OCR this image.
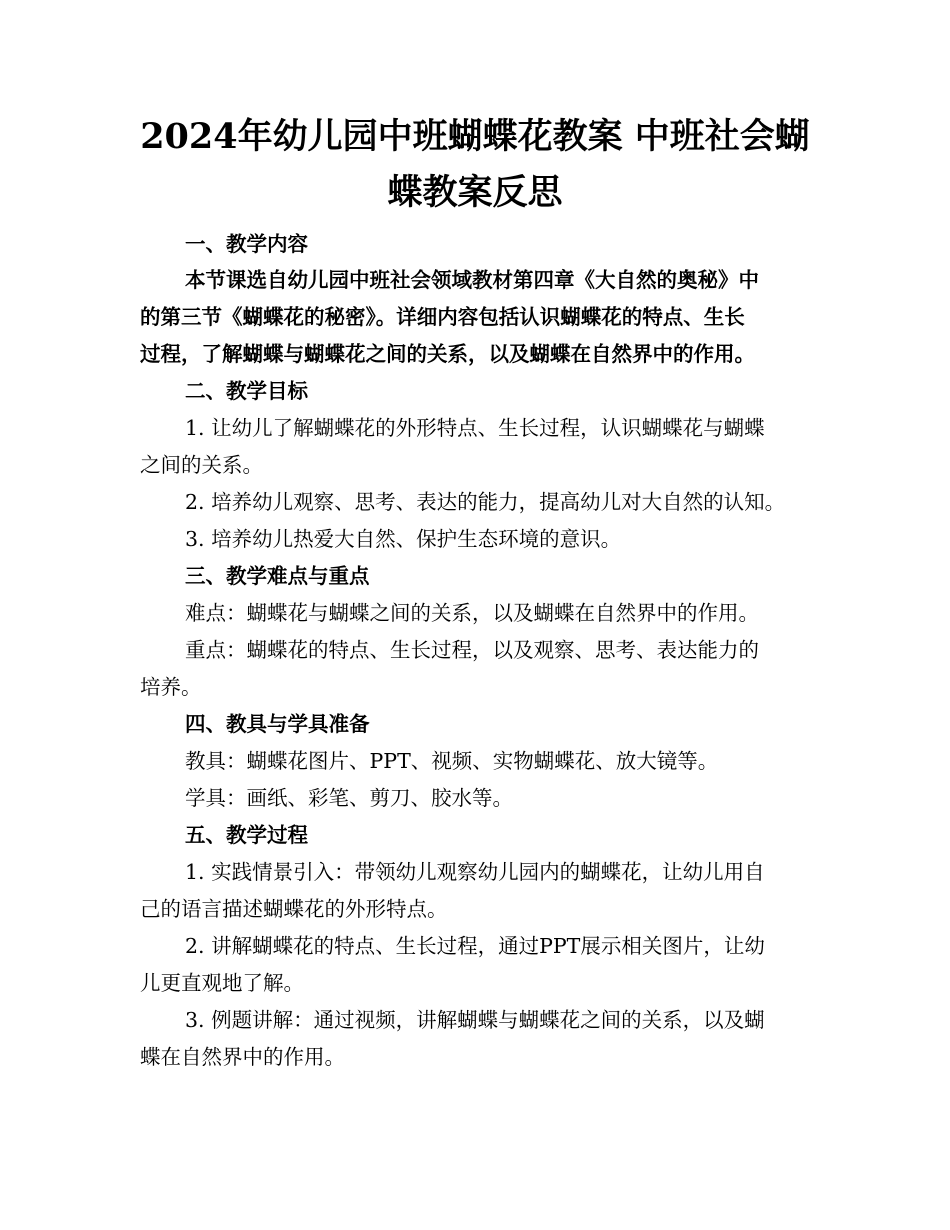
2024年幼儿园中班蝴蝶花教案 中班社会蝴
蝶教案反思
一、教学内容
本节课选自幼儿园中班社会领域教材第四章《大自然的奥秘》中
的第三节《蝴蝶花的秘密》。详细内容包括认识蝴蝶花的特点、生长
过程，了解蝴蝶与蝴蝶花之间的关系，以及蝴蝶在自然界中的作用。
二、教学目标
1. 让幼儿了解蝴蝶花的外形特点、生长过程，认识蝴蝶花与蝴蝶
之间的关系。
2. 培养幼儿观察、思考、表达的能力，提高幼儿对大自然的认知。
3. 培养幼儿热爱大自然、保护生态环境的意识。
三、教学难点与重点
难点：蝴蝶花与蝴蝶之间的关系，以及蝴蝶在自然界中的作用。
重点：蝴蝶花的特点、生长过程，以及观察、思考、表达能力的
培养。
四、教具与学具准备
教具：蝴蝶花图片、PPT、视频、实物蝴蝶花、放大镜等。
学具：画纸、彩笔、剪刀、胶水等。
五、教学过程
1. 实践情景引入：带领幼儿观察幼儿园内的蝴蝶花，让幼儿用自
己的语言描述蝴蝶花的外形特点。
2. 讲解蝴蝶花的特点、生长过程，通过PPT展示相关图片，让幼
儿更直观地了解。
3. 例题讲解：通过视频，讲解蝴蝶与蝴蝶花之间的关系，以及蝴
蝶在自然界中的作用。
